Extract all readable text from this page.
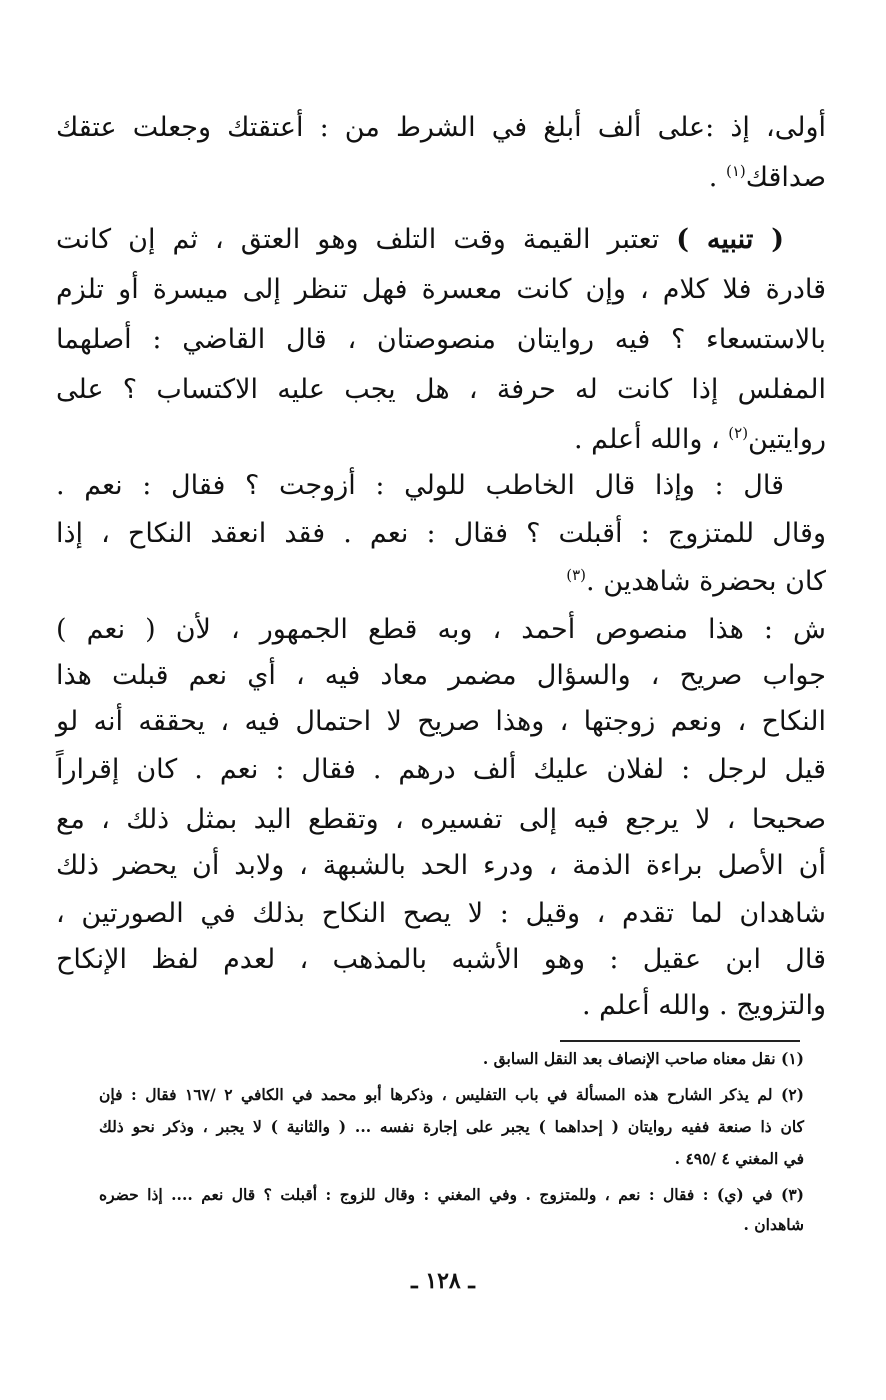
أولى، إذ :على ألف أبلغ في الشرط من : أعتقتك وجعلت عتقك
صداقك$^{(١)}$ .
( تنبيه ) تعتبر القيمة وقت التلف وهو العتق ، ثم إن كانت
قادرة فلا كلام ، وإن كانت معسرة فهل تنظر إلى ميسرة أو تلزم
بالاستسعاء ؟ فيه روايتان منصوصتان ، قال القاضي : أصلهما
المفلس إذا كانت له حرفة ، هل يجب عليه الاكتساب ؟ على
روايتين$^{(٢)}$ ، والله أعلم .
قال : وإذا قال الخاطب للولي : أزوجت ؟ فقال : نعم .
وقال للمتزوج : أقبلت ؟ فقال : نعم . فقد انعقد النكاح ، إذا
كان بحضرة شاهدين .$^{(٣)}$
ش : هذا منصوص أحمد ، وبه قطع الجمهور ، لأن ( نعم )
جواب صريح ، والسؤال مضمر معاد فيه ، أي نعم قبلت هذا
النكاح ، ونعم زوجتها ، وهذا صريح لا احتمال فيه ، يحققه أنه لو
قيل لرجل : لفلان عليك ألف درهم . فقال : نعم . كان إقراراً
صحيحا ، لا يرجع فيه إلى تفسيره ، وتقطع اليد بمثل ذلك ، مع
أن الأصل براءة الذمة ، ودرء الحد بالشبهة ، ولابد أن يحضر ذلك
شاهدان لما تقدم ، وقيل : لا يصح النكاح بذلك في الصورتين ،
قال ابن عقيل : وهو الأشبه بالمذهب ، لعدم لفظ الإنكاح
والتزويج . والله أعلم .
(١) نقل معناه صاحب الإنصاف بعد النقل السابق .
(٢) لم يذكر الشارح هذه المسألة في باب التفليس ، وذكرها أبو محمد في الكافي ٢ /١٦٧ فقال : فإن
كان ذا صنعة ففيه روايتان ( إحداهما ) يجبر على إجارة نفسه ... ( والثانية ) لا يجبر ، وذكر نحو ذلك
في المغني ٤ /٤٩٥ .
(٣) في (ي) : فقال : نعم ، وللمتزوج . وفي المغني : وقال للزوج : أقبلت ؟ قال نعم .... إذا حضره
شاهدان .
ـ ١٢٨ ـ
